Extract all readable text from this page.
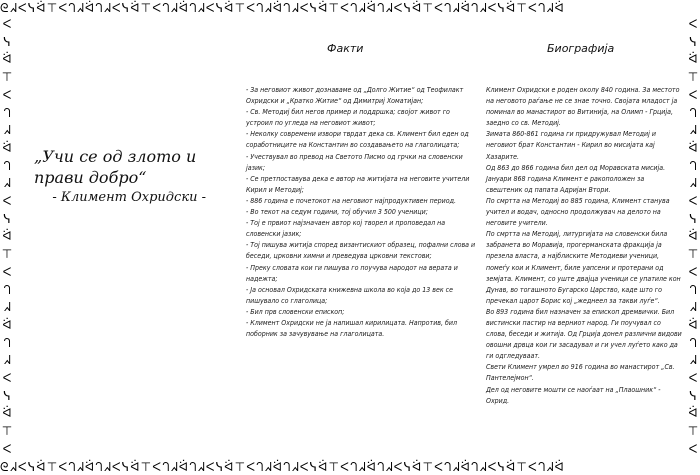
ᘓᖽᐸᓭᐛ⊤ᐸᘃᖽᐛᘃᖽᐸᓭᐛ⊤ᐸᘃᖽᐛᘃᖽᐸᓭᐛ⊤ᐸᘃᖽᐛᘃᖽᐸᓭᐛ⊤ᐸᘃᖽᐛᘃᖽᐸᓭᐛ⊤ᐸᘃᖽᐛᘃᖽᐸᓭᐛ⊤ᐸᘃᖽᐛ
ᘓᖽᐸᓭᐛ⊤ᐸᘃᖽᐛᘃᖽᐸᓭᐛ⊤ᐸᘃᖽᐛᘃᖽᐸᓭᐛ⊤ᐸᘃᖽᐛᘃᖽᐸᓭᐛ⊤ᐸᘃᖽᐛᘃᖽᐸᓭᐛ⊤ᐸᘃᖽᐛᘃᖽᐸᓭᐛ⊤ᐸᘃᖽᐛ
ᐸᓭᐛ⊤ᐸᘃᖽᐛᘃᖽᐸᓭᐛ⊤ᐸᘃᖽᐛᘃᖽᐸᓭᐛ⊤ᐸ
ᐸᓭᐛ⊤ᐸᘃᖽᐛᘃᖽᐸᓭᐛ⊤ᐸᘃᖽᐛᘃᖽᐸᓭᐛ⊤ᐸ

„Учи се од злото и прави добро“

- Климент Охридски -

Факти	Биографија

- За неговиот живот дознаваме од „Долго Житие“ од Теофилакт Охридски и „Кратко Житие“ од Димитриј Хоматијан;

- Св. Методиј бил негов пример и поддршка; својот живот го устроил по угледа на неговиот живот;

- Неколку современи извори тврдат дека св. Климент бил еден од соработниците на Константин во создавањето на глаголицата;

- Учествувал во превод на Светото Писмо од грчки на словенски јазик;

- Се претпоставува дека е автор на житијата на неговите учители Кирил и Методиј;

- 886 година е почетокот на неговиот најпродуктивен период.

- Во текот на седум години, тој обучил 3 500 ученици;

- Тој е првиот најзначаен автор кој творел и проповедал на словенски јазик;

- Тој пишува житија според византискиот образец, пофални слова и беседи, црковни химни и преведува црковни текстови;

- Преку словата кои ги пишува го поучува народот на верата и надежта;

- Ја основал Охридската книжевна школа во која до 13 век се пишувало со глаголица;

- Бил прв словенски епископ;

- Климент Охридски не ја напишал кирилицата. Напротив, бил поборник за зачувување на глаголицата.

Климент Охридски е роден околу 840 година. За местото на неговото раѓање не се знае точно. Својата младост ја поминал во манастирот во Витинија, на Олимп - Грција, заедно со св. Методиј.

Зимата 860-861 година ги придружувал Методиј и неговиот брат Константин - Кирил во мисијата кај Хазарите.

Од 863 до 866 година бил дел од Моравската мисија.

Јануари 868 година Климент е ракоположен за свештеник од папата Адријан Втори.

По смртта на Методиј во 885 година, Климент станува учител и водач, односно продолжувач на делото на неговите учители.

По смртта на Методиј, литургијата на словенски била забранета во Моравија, прогерманската фракција ја презела власта, а најблиските Методиеви ученици, помеѓу кои и Климент, биле уапсени и протерани од земјата. Климент, со уште двајца ученици се упатиле кон Дунав, во тогашното Бугарско Царство, каде што го пречекал царот Борис кој „жеднеел за такви луѓе“.

Во 893 година бил назначен за епископ дремвички. Бил вистински пастир на верниот народ. Ги поучувал со слова, беседи и житија. Од Грција донел различни видови овошни дрвца кои ги засадувал и ги учел луѓето како да ги одгледуваат.

Свети Климент умрел во 916 година во манастирот „Св. Пантелејмон“.

Дел од неговите мошти се наоѓаат на „Плаошник“ - Охрид.
